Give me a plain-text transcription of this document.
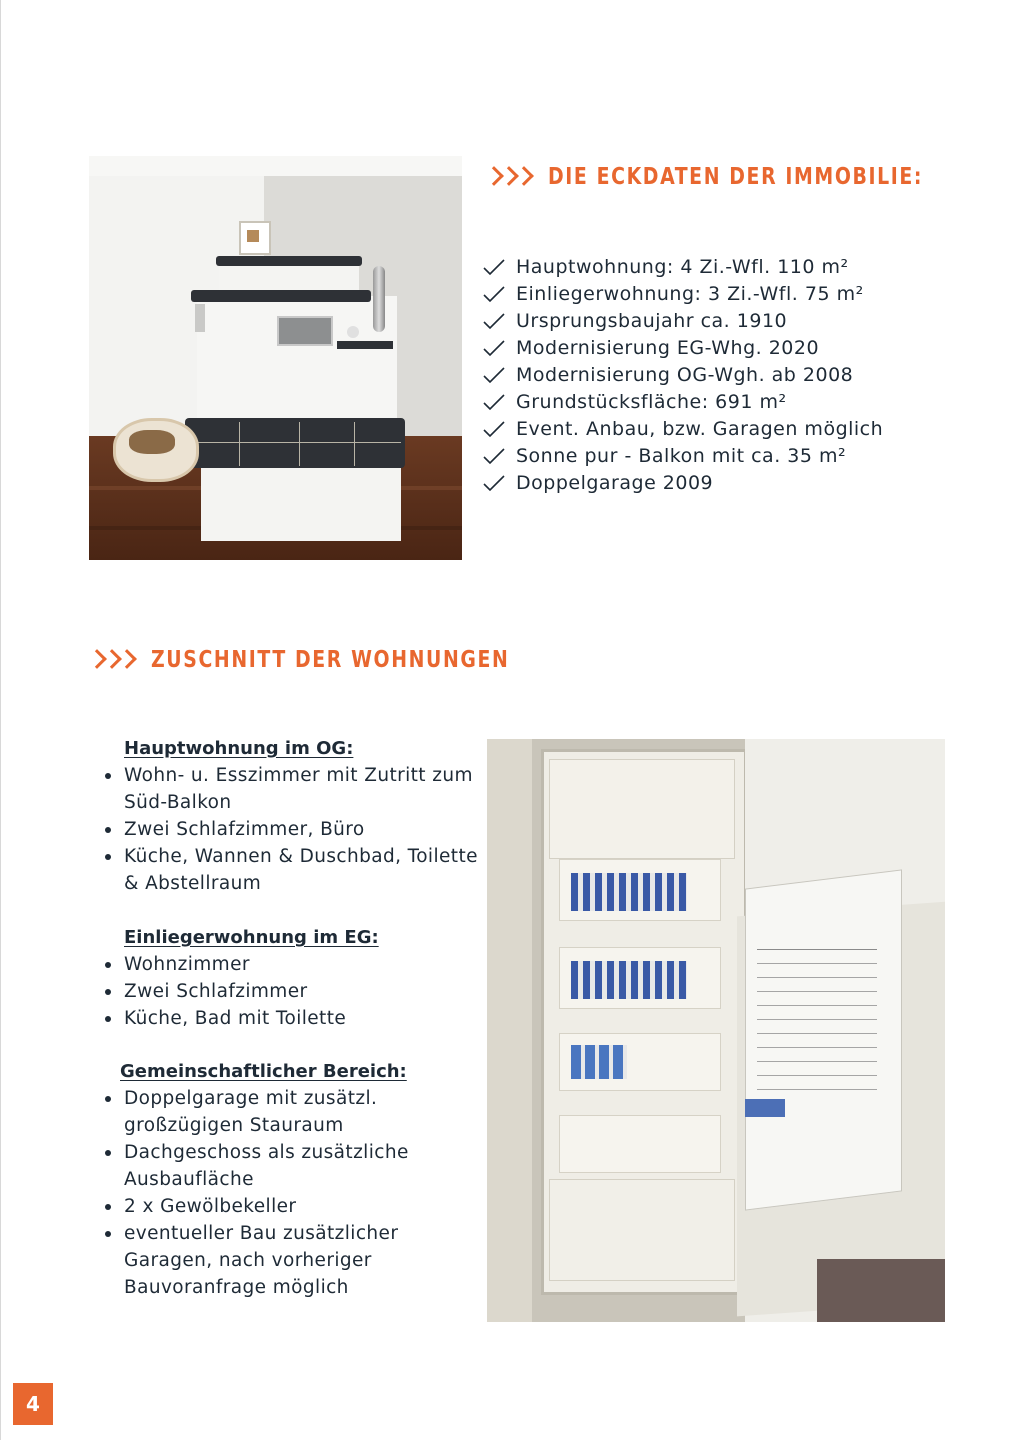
DIE ECKDATEN DER IMMOBILIE:
Hauptwohnung: 4 Zi.-Wfl. 110 m²
Einliegerwohnung: 3 Zi.-Wfl. 75 m²
Ursprungsbaujahr ca. 1910
Modernisierung EG-Whg. 2020
Modernisierung OG-Wgh. ab 2008
Grundstücksfläche: 691 m²
Event. Anbau, bzw. Garagen möglich
Sonne pur - Balkon mit ca. 35 m²
Doppelgarage 2009
ZUSCHNITT DER WOHNUNGEN
Hauptwohnung im OG:
Wohn- u. Esszimmer mit Zutritt zum Süd-Balkon
Zwei Schlafzimmer, Büro
Küche, Wannen & Duschbad, Toilette & Abstellraum
Einliegerwohnung im EG:
Wohnzimmer
Zwei Schlafzimmer
Küche, Bad mit Toilette
Gemeinschaftlicher Bereich:
Doppelgarage mit zusätzl. großzügigen Stauraum
Dachgeschoss als zusätzliche Ausbaufläche
2 x Gewölbekeller
eventueller Bau zusätzlicher Garagen, nach vorheriger Bauvoranfrage möglich
4
